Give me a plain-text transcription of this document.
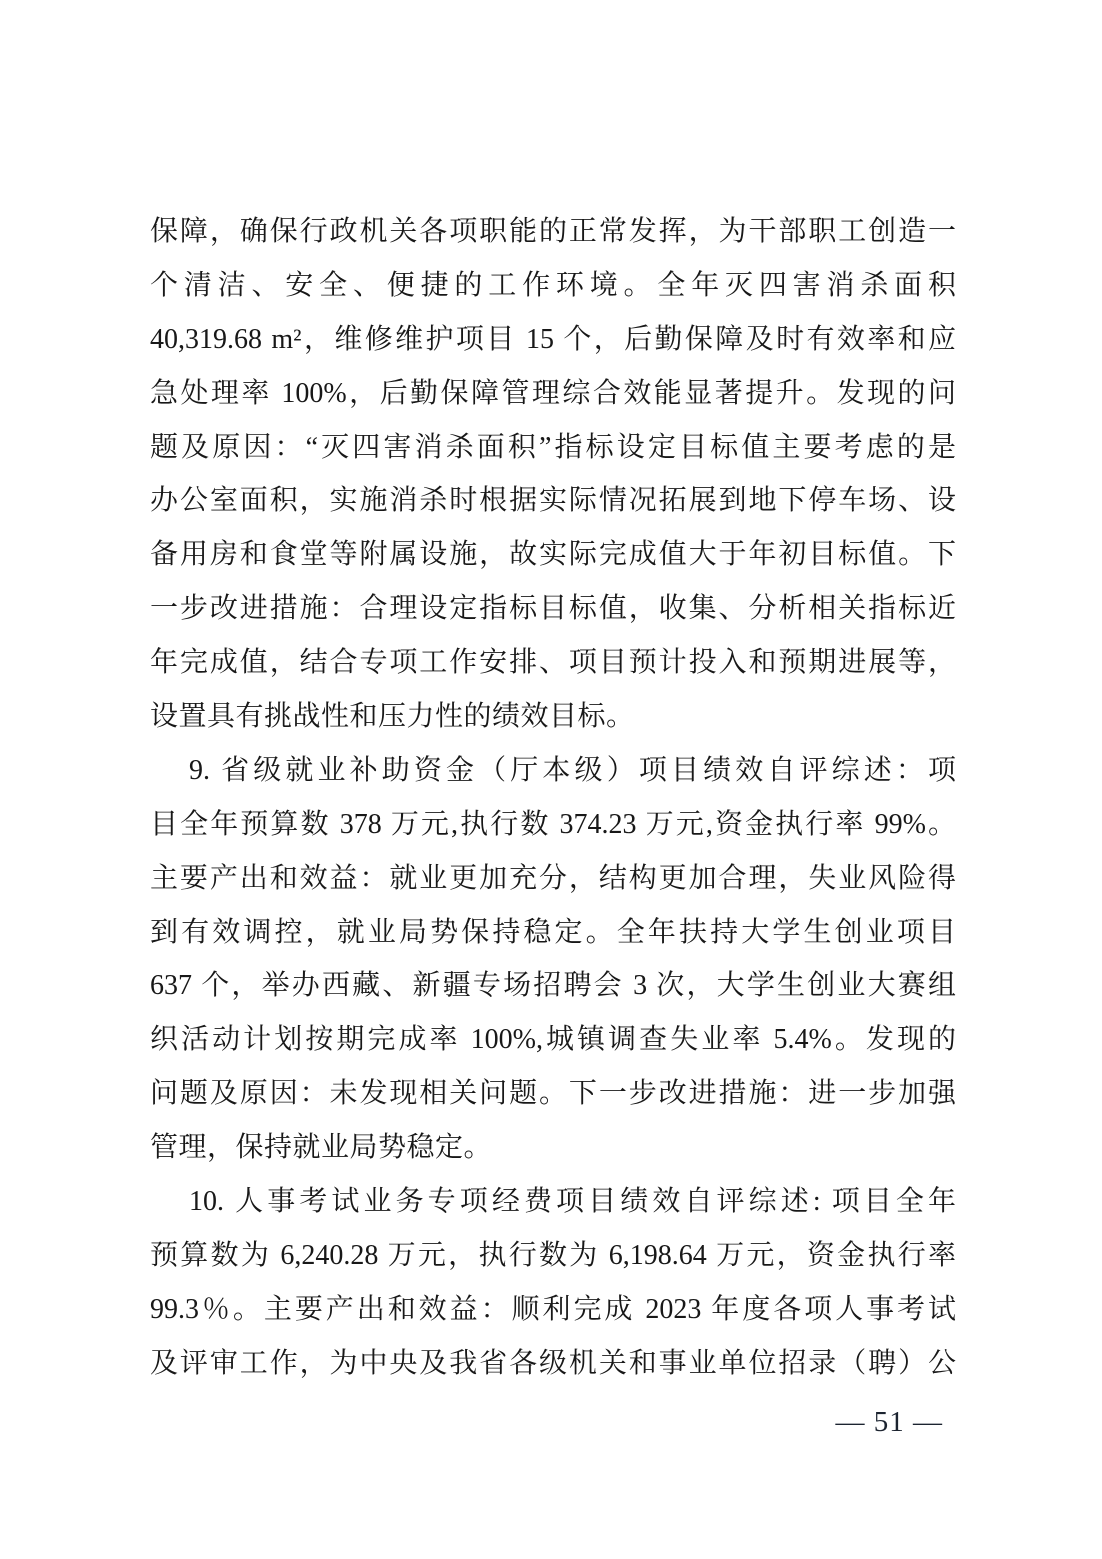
保障，确保行政机关各项职能的正常发挥，为干部职工创造一

个清洁、安全、便捷的工作环境。全年灭四害消杀面积

40,319.68 m²，维修维护项目 15 个，后勤保障及时有效率和应

急处理率 100%，后勤保障管理综合效能显著提升。发现的问

题及原因：“灭四害消杀面积”指标设定目标值主要考虑的是

办公室面积，实施消杀时根据实际情况拓展到地下停车场、设

备用房和食堂等附属设施，故实际完成值大于年初目标值。下

一步改进措施：合理设定指标目标值，收集、分析相关指标近

年完成值，结合专项工作安排、项目预计投入和预期进展等，

设置具有挑战性和压力性的绩效目标。

9. 省级就业补助资金（厅本级）项目绩效自评综述：项

目全年预算数 378 万元,执行数 374.23 万元,资金执行率 99%。

主要产出和效益：就业更加充分，结构更加合理，失业风险得

到有效调控，就业局势保持稳定。全年扶持大学生创业项目

637 个，举办西藏、新疆专场招聘会 3 次，大学生创业大赛组

织活动计划按期完成率 100%,城镇调查失业率 5.4%。发现的

问题及原因：未发现相关问题。下一步改进措施：进一步加强

管理，保持就业局势稳定。

10. 人事考试业务专项经费项目绩效自评综述: 项目全年

预算数为 6,240.28 万元，执行数为 6,198.64 万元，资金执行率

99.3％。主要产出和效益：顺利完成 2023 年度各项人事考试

及评审工作，为中央及我省各级机关和事业单位招录（聘）公

— 51 —
